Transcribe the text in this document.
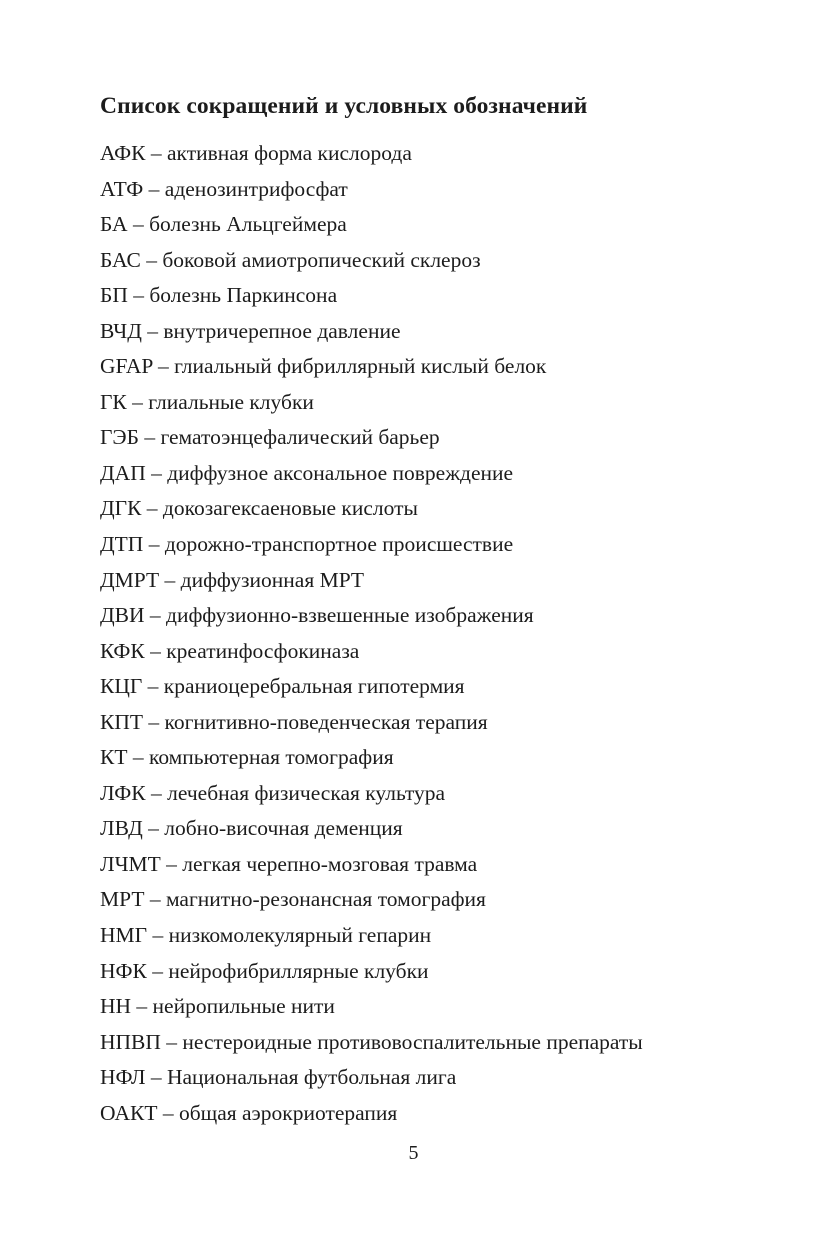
Список сокращений и условных обозначений
АФК – активная форма кислорода
АТФ – аденозинтрифосфат
БА – болезнь Альцгеймера
БАС – боковой амиотропический склероз
БП – болезнь Паркинсона
ВЧД – внутричерепное давление
GFAP – глиальный фибриллярный кислый белок
ГК – глиальные клубки
ГЭБ – гематоэнцефалический барьер
ДАП – диффузное аксональное повреждение
ДГК – докозагексаеновые кислоты
ДТП – дорожно-транспортное происшествие
ДМРТ – диффузионная МРТ
ДВИ – диффузионно-взвешенные изображения
КФК – креатинфосфокиназа
КЦГ – краниоцеребральная гипотермия
КПТ – когнитивно-поведенческая терапия
КТ – компьютерная томография
ЛФК – лечебная физическая культура
ЛВД – лобно-височная деменция
ЛЧМТ – легкая черепно-мозговая травма
МРТ – магнитно-резонансная томография
НМГ – низкомолекулярный гепарин
НФК – нейрофибриллярные клубки
НН – нейропильные нити
НПВП – нестероидные противовоспалительные препараты
НФЛ – Национальная футбольная лига
ОАКТ – общая аэрокриотерапия
5
